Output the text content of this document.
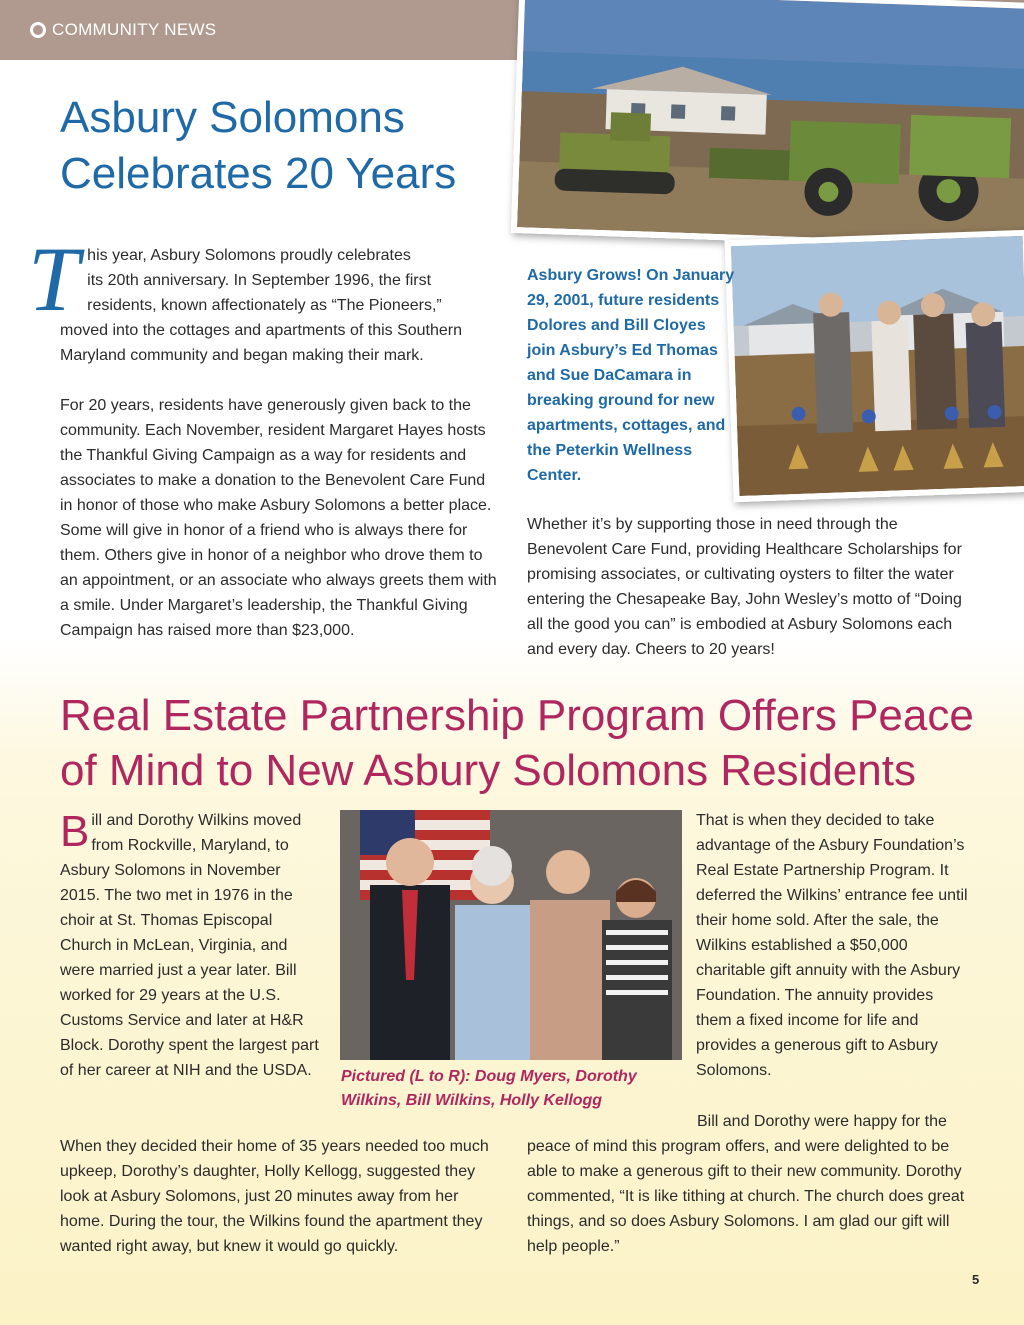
COMMUNITY NEWS
Asbury Solomons Celebrates 20 Years

T his year, Asbury Solomons proudly celebrates
its 20th anniversary. In September 1996, the first
residents, known affectionately as “The Pioneers,”
moved into the cottages and apartments of this Southern Maryland community and began making their mark.

For 20 years, residents have generously given back to the community. Each November, resident Margaret Hayes hosts the Thankful Giving Campaign as a way for residents and associates to make a donation to the Benevolent Care Fund in honor of those who make Asbury Solomons a better place. Some will give in honor of a friend who is always there for them. Others give in honor of a neighbor who drove them to an appointment, or an associate who always greets them with a smile. Under Margaret’s leadership, the Thankful Giving Campaign has raised more than $23,000.

Asbury Grows! On January 29, 2001, future residents Dolores and Bill Cloyes join Asbury’s Ed Thomas and Sue DaCamara in breaking ground for new apartments, cottages, and the Peterkin Wellness Center.

Whether it’s by supporting those in need through the Benevolent Care Fund, providing Healthcare Scholarships for promising associates, or cultivating oysters to filter the water entering the Chesapeake Bay, John Wesley’s motto of “Doing all the good you can” is embodied at Asbury Solomons each and every day. Cheers to 20 years!

Real Estate Partnership Program Offers Peace of Mind to New Asbury Solomons Residents

Bill and Dorothy Wilkins moved from Rockville, Maryland, to Asbury Solomons in November 2015. The two met in 1976 in the choir at St. Thomas Episcopal Church in McLean, Virginia, and were married just a year later. Bill worked for 29 years at the U.S. Customs Service and later at H&R Block. Dorothy spent the largest part of her career at NIH and the USDA.	Pictured (L to R): Doug Myers, Dorothy Wilkins, Bill Wilkins, Holly Kellogg

That is when they decided to take advantage of the Asbury Foundation’s Real Estate Partnership Program. It deferred the Wilkins’ entrance fee until their home sold. After the sale, the Wilkins established a $50,000 charitable gift annuity with the Asbury Foundation. The annuity provides them a fixed income for life and provides a generous gift to Asbury Solomons.

When they decided their home of 35 years needed too much upkeep, Dorothy’s daughter, Holly Kellogg, suggested they look at Asbury Solomons, just 20 minutes away from her home. During the tour, the Wilkins found the apartment they wanted right away, but knew it would go quickly.

Bill and Dorothy were happy for the
peace of mind this program offers, and were delighted to be able to make a generous gift to their new community. Dorothy commented, “It is like tithing at church. The church does great things, and so does Asbury Solomons. I am glad our gift will help people.”

5
